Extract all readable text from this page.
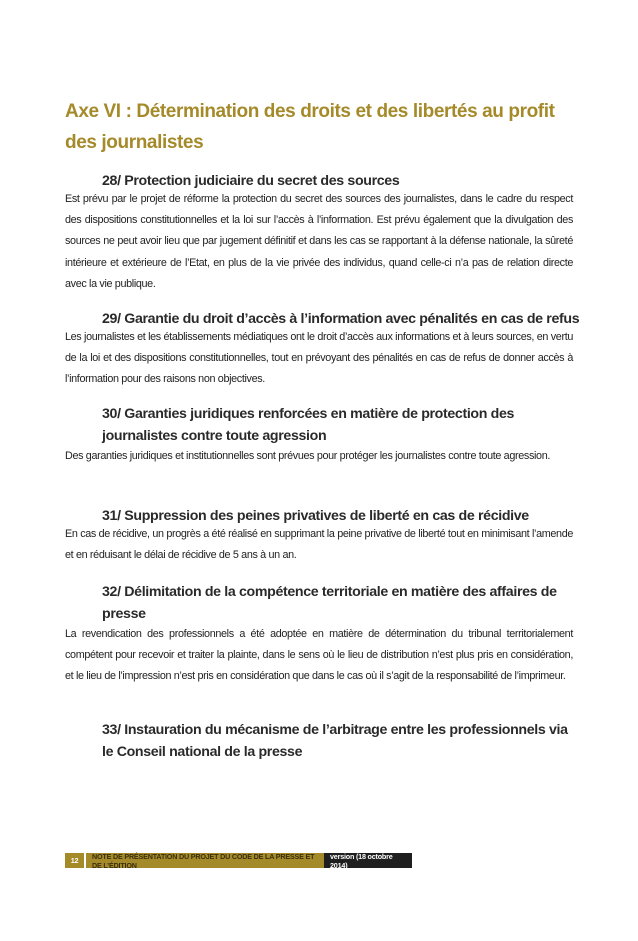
Axe VI : Détermination des droits et des libertés au profit des journalistes
28/ Protection judiciaire du secret des sources
Est prévu par le projet de réforme la protection du secret des sources des journalistes, dans le cadre du respect des dispositions constitutionnelles et la loi sur l’accès à l’information. Est prévu également que la divulgation des sources ne peut avoir lieu que par jugement définitif et dans les cas se rapportant à la défense nationale, la sûreté intérieure et extérieure de l’Etat, en plus de la vie privée des individus, quand celle-ci n’a pas de relation directe avec la vie publique.
29/ Garantie du droit d’accès à l’information avec pénalités en cas de refus
Les journalistes et les établissements médiatiques ont le droit d’accès aux informations et à leurs sources, en vertu de la loi et des dispositions constitutionnelles, tout en prévoyant des pénalités en cas de refus de donner accès à l’information pour des raisons non objectives.
30/ Garanties juridiques renforcées en matière de protection des journalistes contre toute agression
Des garanties juridiques et institutionnelles sont prévues pour protéger les journalistes contre toute agression.
31/ Suppression des peines privatives de liberté en cas de récidive
En cas de récidive, un progrès a été réalisé en supprimant la peine privative de liberté tout en minimisant l’amende et en réduisant le délai de récidive de 5 ans à un an.
32/ Délimitation de la compétence territoriale en matière des affaires de presse
La revendication des professionnels a été adoptée en matière de détermination du tribunal territorialement compétent pour recevoir et traiter la plainte, dans le sens où le lieu de distribution n’est plus pris en considération, et le lieu de l’impression n’est pris en considération que dans le cas où il s’agit de la responsabilité de l’imprimeur.
33/ Instauration du mécanisme de l’arbitrage entre les professionnels via le Conseil national de la presse
12	NOTE DE PRÉSENTATION DU PROJET DU CODE DE LA PRESSE ET DE L’ÉDITION
version (18 octobre 2014)
